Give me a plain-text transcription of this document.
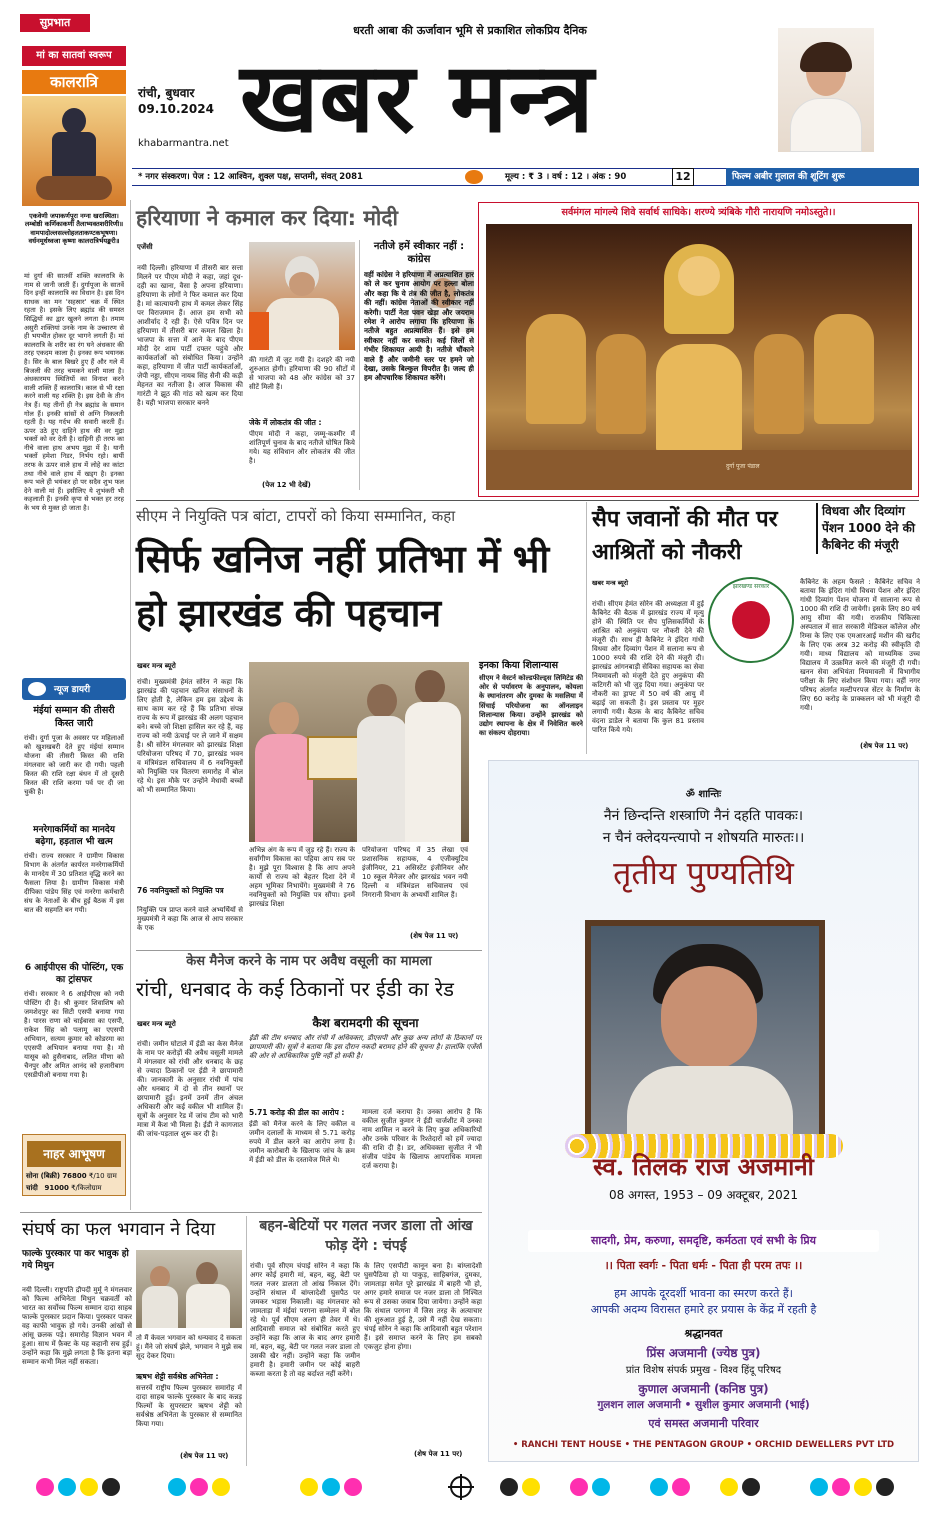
सुप्रभात
धरती आबा की ऊर्जावान भूमि से प्रकाशित लोकप्रिय दैनिक
खबर मन्त्र
रांची, बुधवार
09.10.2024
khabarmantra.net
* नगर संस्करण। पेज : 12 आश्विन, शुक्ल पक्ष, सप्तमी, संवत् 2081	मूल्य : ₹ 3 । वर्ष : 12 । अंक : 90	12	फिल्म अबीर गुलाल की शूटिंग शुरू
मां का सातवां स्वरूप
कालरात्रि
एकवेणी जपाकर्णपूरा नग्ना खरास्थिता। लम्बोष्ठी कर्णिकाकर्णी तैलाभ्यक्तशरीरिणी॥ वामपादोल्लसल्लोहलताकण्टकभूषणा। वर्धनमूर्धध्वजा कृष्णा कालरात्रिर्भयङ्करी॥
मां दुर्गा की सातवीं शक्ति कालरात्रि के नाम से जानी जाती हैं। दुर्गापूजा के सातवें दिन इन्हीं कालरात्रि का विधान है। इस दिन साधक का मन 'सहस्रार' चक्र में स्थित रहता है। इसके लिए ब्रह्मांड की समस्त सिद्धियों का द्वार खुलने लगता है। तमाम असुरी शक्तियां उनके नाम के उच्चारण से ही भयभीत होकर दूर भागने लगती हैं। मां कालरात्रि के शरीर का रंग घने अंधकार की तरह एकदम काला है। इनका रूप भयानक है। सिर के बाल बिखरे हुए हैं और गले में बिजली की तरह चमकने वाली माला है। अंधकारमय स्थितियों का विनाश करने वाली शक्ति हैं कालरात्रि। काल से भी रक्षा करने वाली यह शक्ति है। इस देवी के तीन नेत्र हैं। यह तीनों ही नेत्र ब्रह्मांड के समान गोल हैं। इनकी सांसों से अग्नि निकलती रहती है। यह गर्दभ की सवारी करती हैं। ऊपर उठे हुए दाहिने हाथ की वर मुद्रा भक्तों को वर देती है। दाहिनी ही तरफ का नीचे वाला हाथ अभय मुद्रा में है। यानी भक्तों हमेशा निडर, निर्भय रहो। बायीं तरफ के ऊपर वाले हाथ में लोहे का कांटा तथा नीचे वाले हाथ में खड्ग है। इनका रूप भले ही भयंकर हो पर सदैव शुभ फल देने वाली मां हैं। इसीलिए ये शुभंकरी भी कहलाती हैं। इनकी कृपा से भक्त हर तरह के भय से मुक्त हो जाता है।
न्यूज डायरी
मंईयां सम्मान की तीसरी किस्त जारी
रांची। दुर्गा पूजा के अवसर पर महिलाओं को खुशखबरी देते हुए मंईयां सम्मान योजना की तीसरी किस्त की राशि मंगलवार को जारी कर दी गयी। पहली किस्त की राशि रक्षा बंधन में तो दूसरी किस्त की राशि करमा पर्व पर दी जा चुकी है।
मनरेगाकर्मियों का मानदेय बढ़ेगा, हड़ताल भी खत्म
रांची। राज्य सरकार ने ग्रामीण विकास विभाग के अंतर्गत कार्यरत मनरेगाकर्मियों के मानदेय में 30 प्रतिशत वृद्धि करने का फैसला लिया है। ग्रामीण विकास मंत्री दीपिका पांडेय सिंह एवं मनरेगा कर्मचारी संघ के नेताओं के बीच हुई बैठक में इस बात की सहमति बन गयी।
6 आईपीएस की पोस्टिंग, एक का ट्रांसफर
रांची। सरकार ने 6 आईपीएस को नयी पोस्टिंग दी है। श्री कुमार शिवाशिष को जमशेदपुर का सिटी एसपी बनाया गया है। पारस राणा को चाईबासा का एसपी, राकेश सिंह को पलामू का एएसपी अभियान, सत्यम कुमार को कोडरमा का एएसपी अभियान बनाया गया है। मो यासूब को हुसैनाबाद, ललित मीणा को चैनपुर और अमित आनंद को हजारीबाग एसडीपीओ बनाया गया है।
नाहर आभूषण
सोना (बिक्री) 76800 ₹/10 ग्राम
चांदी 91000 ₹/किलोग्राम
हरियाणा ने कमाल कर दिया: मोदी
एजेंसी
नयी दिल्ली। हरियाणा में तीसरी बार सत्ता मिलने पर पीएम मोदी ने कहा, जहां दूध-दही का खाना, वैसा है अपना हरियाणा। हरियाणा के लोगों ने फिर कमाल कर दिया है। मां कात्यायनी हाथ में कमल लेकर सिंह पर विराजमान हैं। आज हम सभी को आशीर्वाद दे रही हैं। ऐसे पवित्र दिन पर हरियाणा में तीसरी बार कमल खिला है। भाजपा के सत्ता में आने के बाद पीएम मोदी देर शाम पार्टी दफ्तर पहुंचे और कार्यकर्ताओं को संबोधित किया। उन्होंने कहा, हरियाणा में जीत पार्टी कार्यकर्ताओं, जेपी नड्डा, सीएम नायब सिंह सैनी की कड़ी मेहनत का नतीजा है। आज विकास की गारंटी ने झूठ की गांठ को खत्म कर दिया है। यही भाजपा सरकार बनने
की गारंटी में जुट गयी है। दशहरे की नयी शुरुआत होगी। हरियाणा की 90 सीटों में से भाजपा को 48 और कांग्रेस को 37 सीटें मिली हैं।
जेके में लोकतंत्र की जीत :
पीएम मोदी ने कहा, जम्मू-कश्मीर में शांतिपूर्ण चुनाव के बाद नतीजे घोषित किये गये। यह संविधान और लोकतंत्र की जीत है।
(पेज 12 भी देखें)
नतीजे हमें स्वीकार नहीं : कांग्रेस
वहीं कांग्रेस ने हरियाणा में अप्रत्याशित हार को ले कर चुनाव आयोग पर हल्ला बोला और कहा कि ये तंत्र की जीत है, लोकतंत्र की नहीं। कांग्रेस नेताओं की स्वीकार नहीं करेगी। पार्टी नेता पवन खेड़ा और जयराम रमेश ने आरोप लगाया कि हरियाणा के नतीजे बहुत अप्रत्याशित हैं। इसे हम स्वीकार नहीं कर सकते। कई जिलों से गंभीर शिकायत आयी है। नतीजे चौंकाने वाले हैं और जमीनी स्तर पर हमने जो देखा, उसके बिल्कुल विपरीत है। जल्द ही हम औपचारिक शिकायत करेंगे।
सर्वमंगल मांगल्ये शिवे सर्वार्थ साधिके। शरण्ये त्र्यंबिके गौरी नारायणि नमोऽस्तुते।।
दुर्गा पूजा पंडाल
सीएम ने नियुक्ति पत्र बांटा, टापरों को किया सम्मानित, कहा
सिर्फ खनिज नहीं प्रतिभा में भी हो झारखंड की पहचान
खबर मन्त्र ब्यूरो
रांची। मुख्यमंत्री हेमंत सोरेन ने कहा कि झारखंड की पहचान खनिज संसाधनों के लिए होती है, लेकिन हम इस उद्देश्य के साथ काम कर रहे हैं कि प्रतिभा संपन्न राज्य के रूप में झारखंड की अलग पहचान बने। बच्चे जो शिक्षा हासिल कर रहे हैं, वह राज्य को नयी ऊंचाई पर ले जाने में सक्षम है। श्री सोरेन मंगलवार को झारखंड शिक्षा परियोजना परिषद में 70, झारखंड भवन व मंत्रिमंडल सचिवालय में 6 नवनियुक्तों को नियुक्ति पत्र वितरण समारोह में बोल रहे थे। इस मौके पर उन्होंने मेधावी बच्चों को भी सम्मानित किया।
76 नवनियुक्तों को नियुक्ति पत्र
नियुक्ति पत्र प्राप्त करने वाले अभ्यर्थियों से मुख्यमंत्री ने कहा कि आज से आप सरकार के एक
अभिन्न अंग के रूप में जुड़ रहे हैं। राज्य के सर्वांगीण विकास का पहिया आप सब पर है। मुझे पूरा विश्वास है कि आप अपने कार्यों से राज्य को बेहतर दिशा देने में अहम भूमिका निभायेंगे। मुख्यमंत्री ने 76 नवनियुक्तों को नियुक्ति पत्र सौंपा। इनमें झारखंड शिक्षा
परियोजना परिषद में 35 लेखा एवं प्रशासनिक सहायक, 4 एजीक्यूटिव इंजीनियर, 21 असिस्टेंट इंजीनियर और 10 स्कूल मैनेजर और झारखंड भवन नयी दिल्ली व मंत्रिमंडल सचिवालय एवं निगरानी विभाग के अभ्यर्थी शामिल हैं।
(शेष पेज 11 पर)
इनका किया शिलान्यास
सीएम ने वेस्टर्न कोल्डफील्ड्स लिमिटेड की ओर से पर्यावरण के अनुपालन, कोयला के स्थानांतरण और दुमका के मसलिया में सिंचाई परियोजना का ऑनलाइन शिलान्यास किया। उन्होंने झारखंड को उद्योग स्थापना के क्षेत्र में निवेशित करने का संकल्प दोहराया।
सैप जवानों की मौत पर आश्रितों को नौकरी
खबर मन्त्र ब्यूरो	झारखण्ड सरकार
रांची। सीएम हेमंत सोरेन की अध्यक्षता में हुई कैबिनेट की बैठक में झारखंड राज्य में मृत्यु होने की स्थिति पर सैप पुलिसकर्मियों के आश्रित को अनुकंपा पर नौकरी देने की मंजूरी दी। साथ ही कैबिनेट ने इंदिरा गांधी विधवा और दिव्यांग पेंशन में सलाना रूप से 1000 रुपये की राशि देने की मंजूरी दी। झारखंड आंगनबाड़ी सेविका सहायक का सेवा नियमावली को मंजूरी देते हुए अनुकंपा की कटिगरी को भी जुड़ दिया गया। अनुकंपा पर नौकरी का ड्राफ्ट में 50 वर्ष की आयु में बढ़ाई जा सकती है। इस प्रस्ताव पर मुहर लगायी गयी। बैठक के बाद कैबिनेट सचिव वंदना डाडेल ने बताया कि कुल 81 प्रस्ताव पारित किये गये।
विधवा और दिव्यांग पेंशन 1000 देने की कैबिनेट की मंजूरी
कैबिनेट के अहम फैसले : कैबिनेट सचिव ने बताया कि इंदिरा गांधी विधवा पेंशन और इंदिरा गांधी दिव्यांग पेंशन योजना में सालाना रूप से 1000 की राशि दी जायेगी। इसके लिए 80 वर्ष आयु सीमा की गयी। राजकीय चिकित्सा अस्पताल में सात सरकारी मेडिकल कॉलेज और रिम्स के लिए एक एमआरआई मशीन की खरीद के लिए एक अरब 32 करोड़ की स्वीकृति दी गयी। माध्य विद्यालय को माध्यमिक उच्च विद्यालय में उत्क्रमित करने की मंजूरी दी गयी। खनन सेवा अभियंता नियमावली में विभागीय परीक्षा के लिए संशोधन किया गया। वहीं नगर परिषद अंतर्गत मल्टीपरपज सेंटर के निर्माण के लिए 60 करोड़ के प्राक्कलन को भी मंजूरी दी गयी।
(शेष पेज 11 पर)
ॐ शान्तिः
नैनं छिन्दन्ति शस्त्राणि नैनं दहति पावकः।
न चैनं क्लेदयन्त्यापो न शोषयति मारुतः।।
तृतीय पुण्यतिथि
स्व. तिलक राज अजमानी
08 अगस्त, 1953 – 09 अक्टूबर, 2021
सादगी, प्रेम, करुणा, समदृष्टि, कर्मठता एवं सभी के प्रिय
।। पिता स्वर्गः - पिता धर्मः - पिता ही परम तपः ।।
हम आपके दूरदर्शी भावना का स्मरण करते हैं।
आपकी अदम्य विरासत हमारे हर प्रयास के केंद्र में रहती है
श्रद्धानवत
प्रिंस अजमानी (ज्येष्ठ पुत्र)
प्रांत विशेष संपर्क प्रमुख - विश्व हिंदू परिषद
कुणाल अजमानी (कनिष्ठ पुत्र)
गुलशन लाल अजमानी • सुशील कुमार अजमानी (भाई)
एवं समस्त अजमानी परिवार
• RANCHI TENT HOUSE • THE PENTAGON GROUP • ORCHID DEWELLERS PVT LTD
केस मैनेज करने के नाम पर अवैध वसूली का मामला
रांची, धनबाद के कई ठिकानों पर ईडी का रेड
खबर मन्त्र ब्यूरो	कैश बरामदगी की सूचना
ईडी की टीम धनबाद और रांची में अधिवक्ता, डीएसपी और कुछ अन्य लोगों के ठिकानों पर छापामारी की। सूत्रों ने बताया कि इस दौरान नकदी बरामद होने की सूचना है। हालांकि एजेंसी की ओर से आधिकारिक पुष्टि नहीं हो सकी है।
रांची। जमीन घोटाले में ईडी का केस मैनेज के नाम पर करोड़ों की अवैध वसूली मामले में मंगलवार को रांची और धनबाद के छह से ज्यादा ठिकानों पर ईडी ने छापामारी की। जानकारी के अनुसार रांची में पांच और धनबाद में दो से तीन स्थानों पर छापामारी हुई। इनमें उनमें तीन अंचल अधिकारी और कई वकील भी शामिल हैं। सूत्रों के अनुसार रेड में जांच टीम को भारी मात्रा में कैश भी मिला है। ईडी ने कागजात की जांच-पड़ताल शुरू कर दी है।
5.71 करोड़ की डील का आरोप :
ईडी को मैनेज करने के लिए वकील व जमीन दलालों के माध्यम से 5.71 करोड़ रुपये में डील करने का आरोप लगा है। जमीन कारोबारी के खिलाफ जांच के क्रम में ईडी को डील के दस्तावेज मिले थे।
मामला दर्ज कराया है। उनका आरोप है कि वकील सुजीत कुमार ने ईडी चार्जशीट में उनका नाम शामिल न करने के लिए कुछ अधिकारियों और उनके परिवार के रिश्तेदारों को हमें ज्यादा की राशि दी है। डर, अधिवक्ता सुजीत ने भी संजीव पांडेय के खिलाफ आपराधिक मामला दर्ज कराया है।
संघर्ष का फल भगवान ने दिया
फाल्के पुरस्कार पा कर भावुक हो गये मिथुन
नयी दिल्ली। राष्ट्रपति द्रौपदी मुर्मू ने मंगलवार को फिल्म अभिनेता मिथुन चक्रवर्ती को भारत का सर्वोच्च फिल्म सम्मान दादा साहब फाल्के पुरस्कार प्रदान किया। पुरस्कार पाकर वह काफी भावुक हो गये। उनकी आंखों से आंसू छलक पड़े। समारोह विज्ञान भवन में हुआ। साथ में फ़ैक्ट के यह कहानी सच हुई। उन्होंने कहा कि मुझे लगता है कि इतना बड़ा सम्मान कभी मिल नहीं सकता।
तो मैं केवल भगवान को धन्यवाद दे सकता हूं। मैंने जो संघर्ष झेले, भगवान ने मुझे सब सूद देकर दिया।
ऋषभ शेट्टी सर्वश्रेष्ठ अभिनेता :
सत्तरवें राष्ट्रीय फिल्म पुरस्कार समारोह में दादा साहब फाल्के पुरस्कार के बाद कन्नड़ फिल्मों के सुपरस्टार ऋषभ शेट्टी को सर्वश्रेष्ठ अभिनेता के पुरस्कार से सम्मानित किया गया।
(शेष पेज 11 पर)
बहन-बेटियों पर गलत नजर डाला तो आंख फोड़ देंगे : चंपई
रांची। पूर्व सीएम चंपाई सोरेन ने कहा कि अगर कोई हमारी मां, बहन, बहू, बेटी पर गलत नजर डालता तो आंख निकाल देंगे। उन्होंने संथाल में बांग्लादेशी घुसपैठ पर जमकर भड़ास निकाली। वह मंगलवार को जामताड़ा में मंईयां परगना सम्मेलन में बोल रहे थे। पूर्व सीएम अलग ही तेवर में थे। आदिवासी समाज को संबोधित करते हुए उन्होंने कहा कि आज के बाद अगर हमारी मां, बहन, बहू, बेटी पर गलत नजर डाला तो उसकी खैर नहीं। उन्होंने कहा कि जमीन हमारी है। हमारी जमीन पर कोई बाहरी कब्जा करता है तो वह बर्दाश्त नहीं करेंगे।
के लिए एसपीटी कानून बना है। बांग्लादेशी घुसपैठिया हो या पाकुड़, साहिबगंज, दुमका, जामताड़ा समेत पूरे झारखंड में बाहरी भी हो, अगर हमारे समाज पर नजर डाला तो निश्चित रूप से उसका जवाब दिया जायेगा। उन्होंने कहा कि संथाल परगना में जिस तरह के अत्याचार की शुरुआत हुई है, उसे मैं नहीं देख सकता। चंपई सोरेन ने कहा कि आदिवासी बहुत परेशान हैं। इसे समाप्त करने के लिए हम सबको एकजुट होना होगा।
(शेष पेज 11 पर)
